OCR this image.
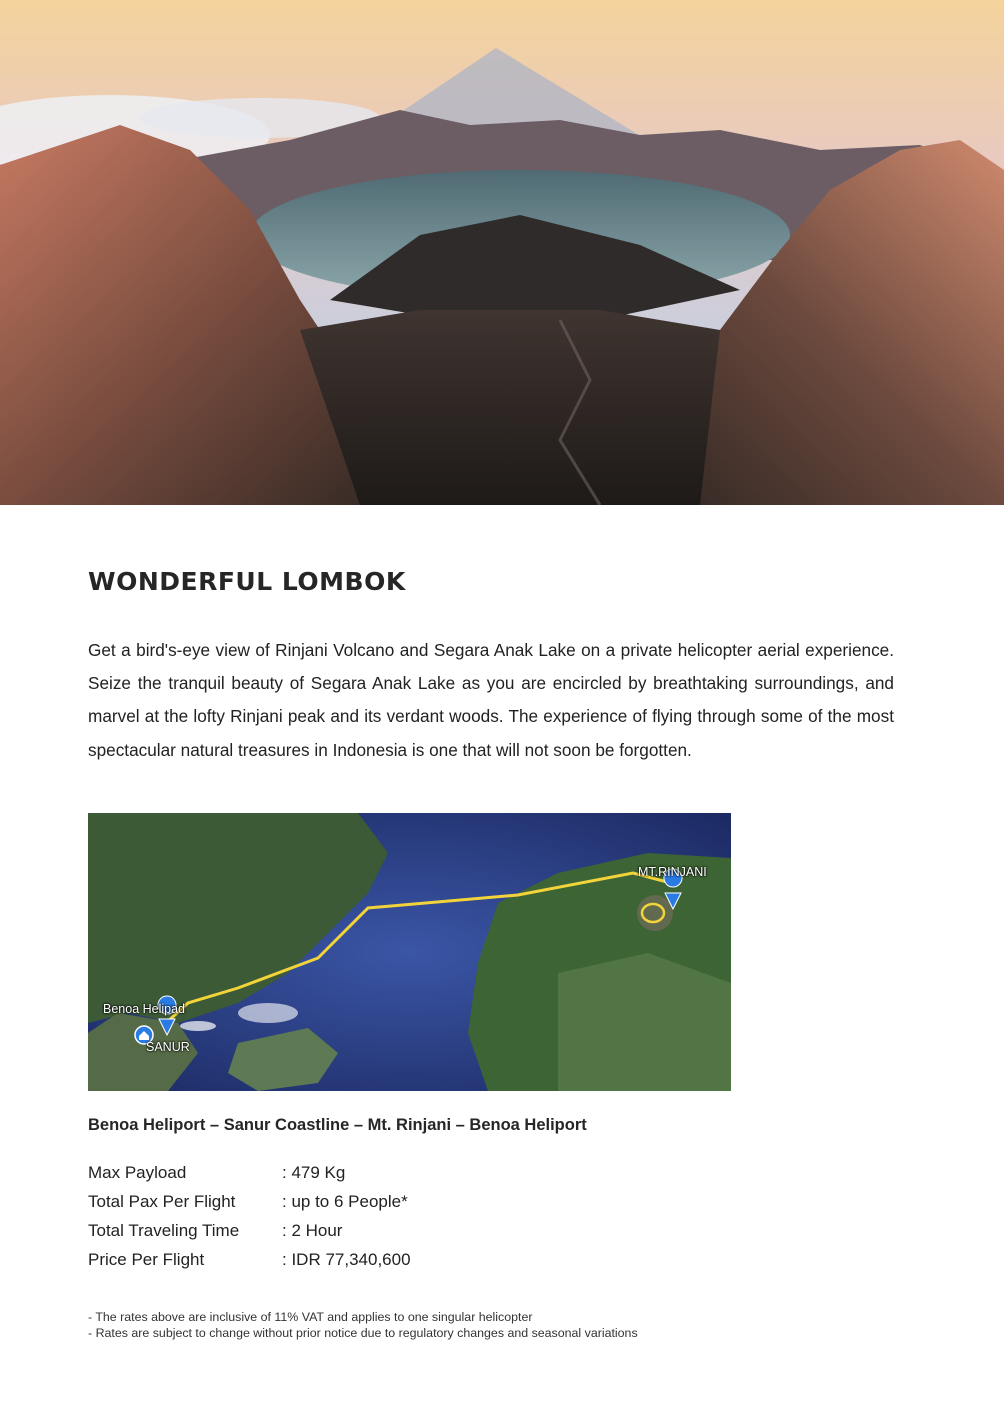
WONDERFUL LOMBOK

Get a bird's-eye view of Rinjani Volcano and Segara Anak Lake on a private helicopter aerial experience. Seize the tranquil beauty of Segara Anak Lake as you are encircled by breathtaking surroundings, and marvel at the lofty Rinjani peak and its verdant woods. The experience of flying through some of the most spectacular natural treasures in Indonesia is one that will not soon be forgotten.

Benoa Helipad
SANUR
MT.RINJANI
Benoa Heliport – Sanur Coastline – Mt. Rinjani – Benoa Heliport
Max Payload	: 479 Kg
Total Pax Per Flight	: up to 6 People*
Total Traveling Time	: 2 Hour
Price Per Flight	: IDR 77,340,600
- The rates above are inclusive of 11% VAT and applies to one singular helicopter
- Rates are subject to change without prior notice due to regulatory changes and seasonal variations
